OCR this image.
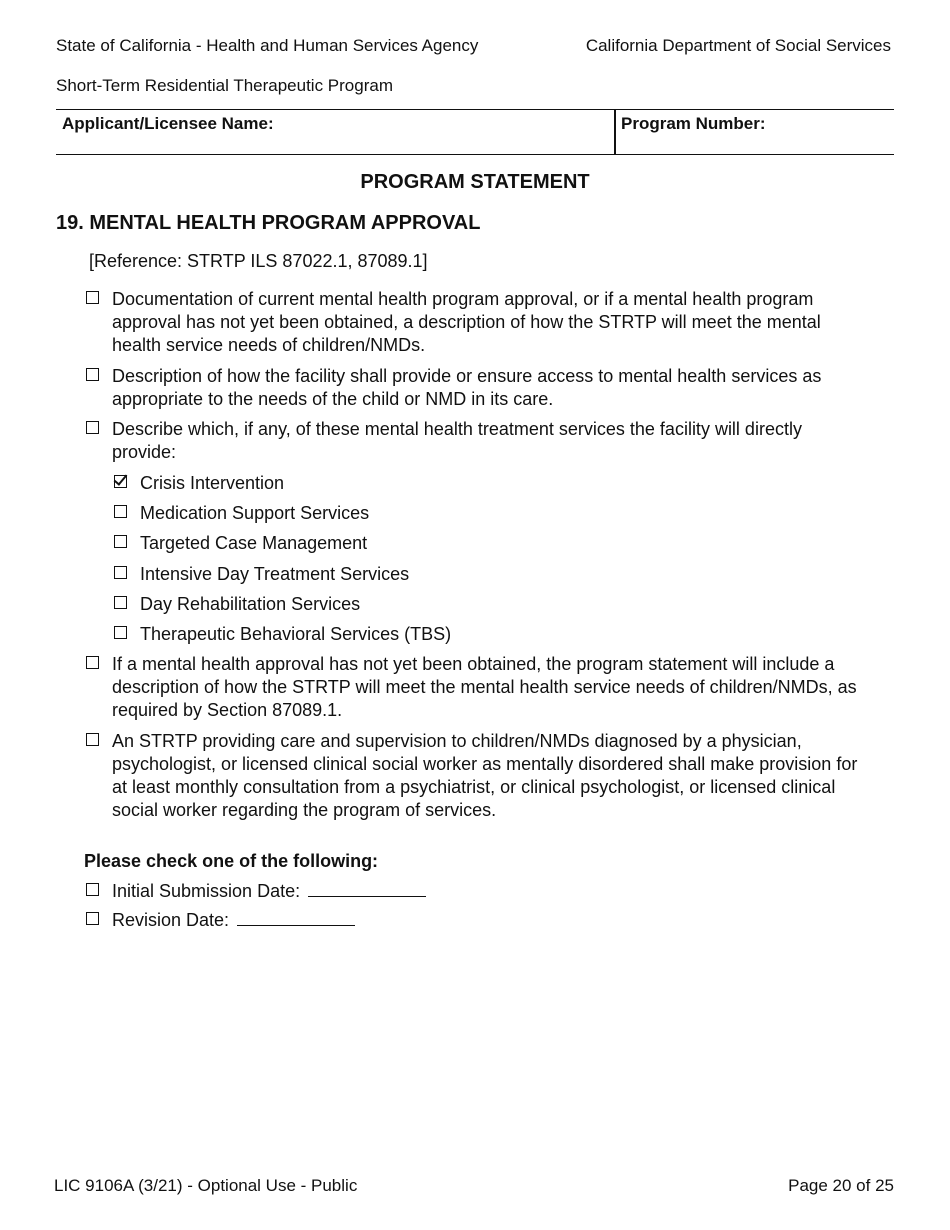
State of California - Health and Human Services Agency	California Department of Social Services
Short-Term Residential Therapeutic Program
Applicant/Licensee Name:	Program Number:
PROGRAM STATEMENT
19. MENTAL HEALTH PROGRAM APPROVAL
[Reference: STRTP ILS 87022.1, 87089.1]
Documentation of current mental health program approval, or if a mental health program
approval has not yet been obtained, a description of how the STRTP will meet the mental
health service needs of children/NMDs.
Description of how the facility shall provide or ensure access to mental health services as
appropriate to the needs of the child or NMD in its care.
Describe which, if any, of these mental health treatment services the facility will directly
provide:
Crisis Intervention
Medication Support Services
Targeted Case Management
Intensive Day Treatment Services
Day Rehabilitation Services
Therapeutic Behavioral Services (TBS)
If a mental health approval has not yet been obtained, the program statement will include a
description of how the STRTP will meet the mental health service needs of children/NMDs, as
required by Section 87089.1.
An STRTP providing care and supervision to children/NMDs diagnosed by a physician,
psychologist, or licensed clinical social worker as mentally disordered shall make provision for
at least monthly consultation from a psychiatrist, or clinical psychologist, or licensed clinical
social worker regarding the program of services.
Please check one of the following:
Initial Submission Date:
Revision Date:
LIC 9106A (3/21) - Optional Use - Public	Page 20 of 25
